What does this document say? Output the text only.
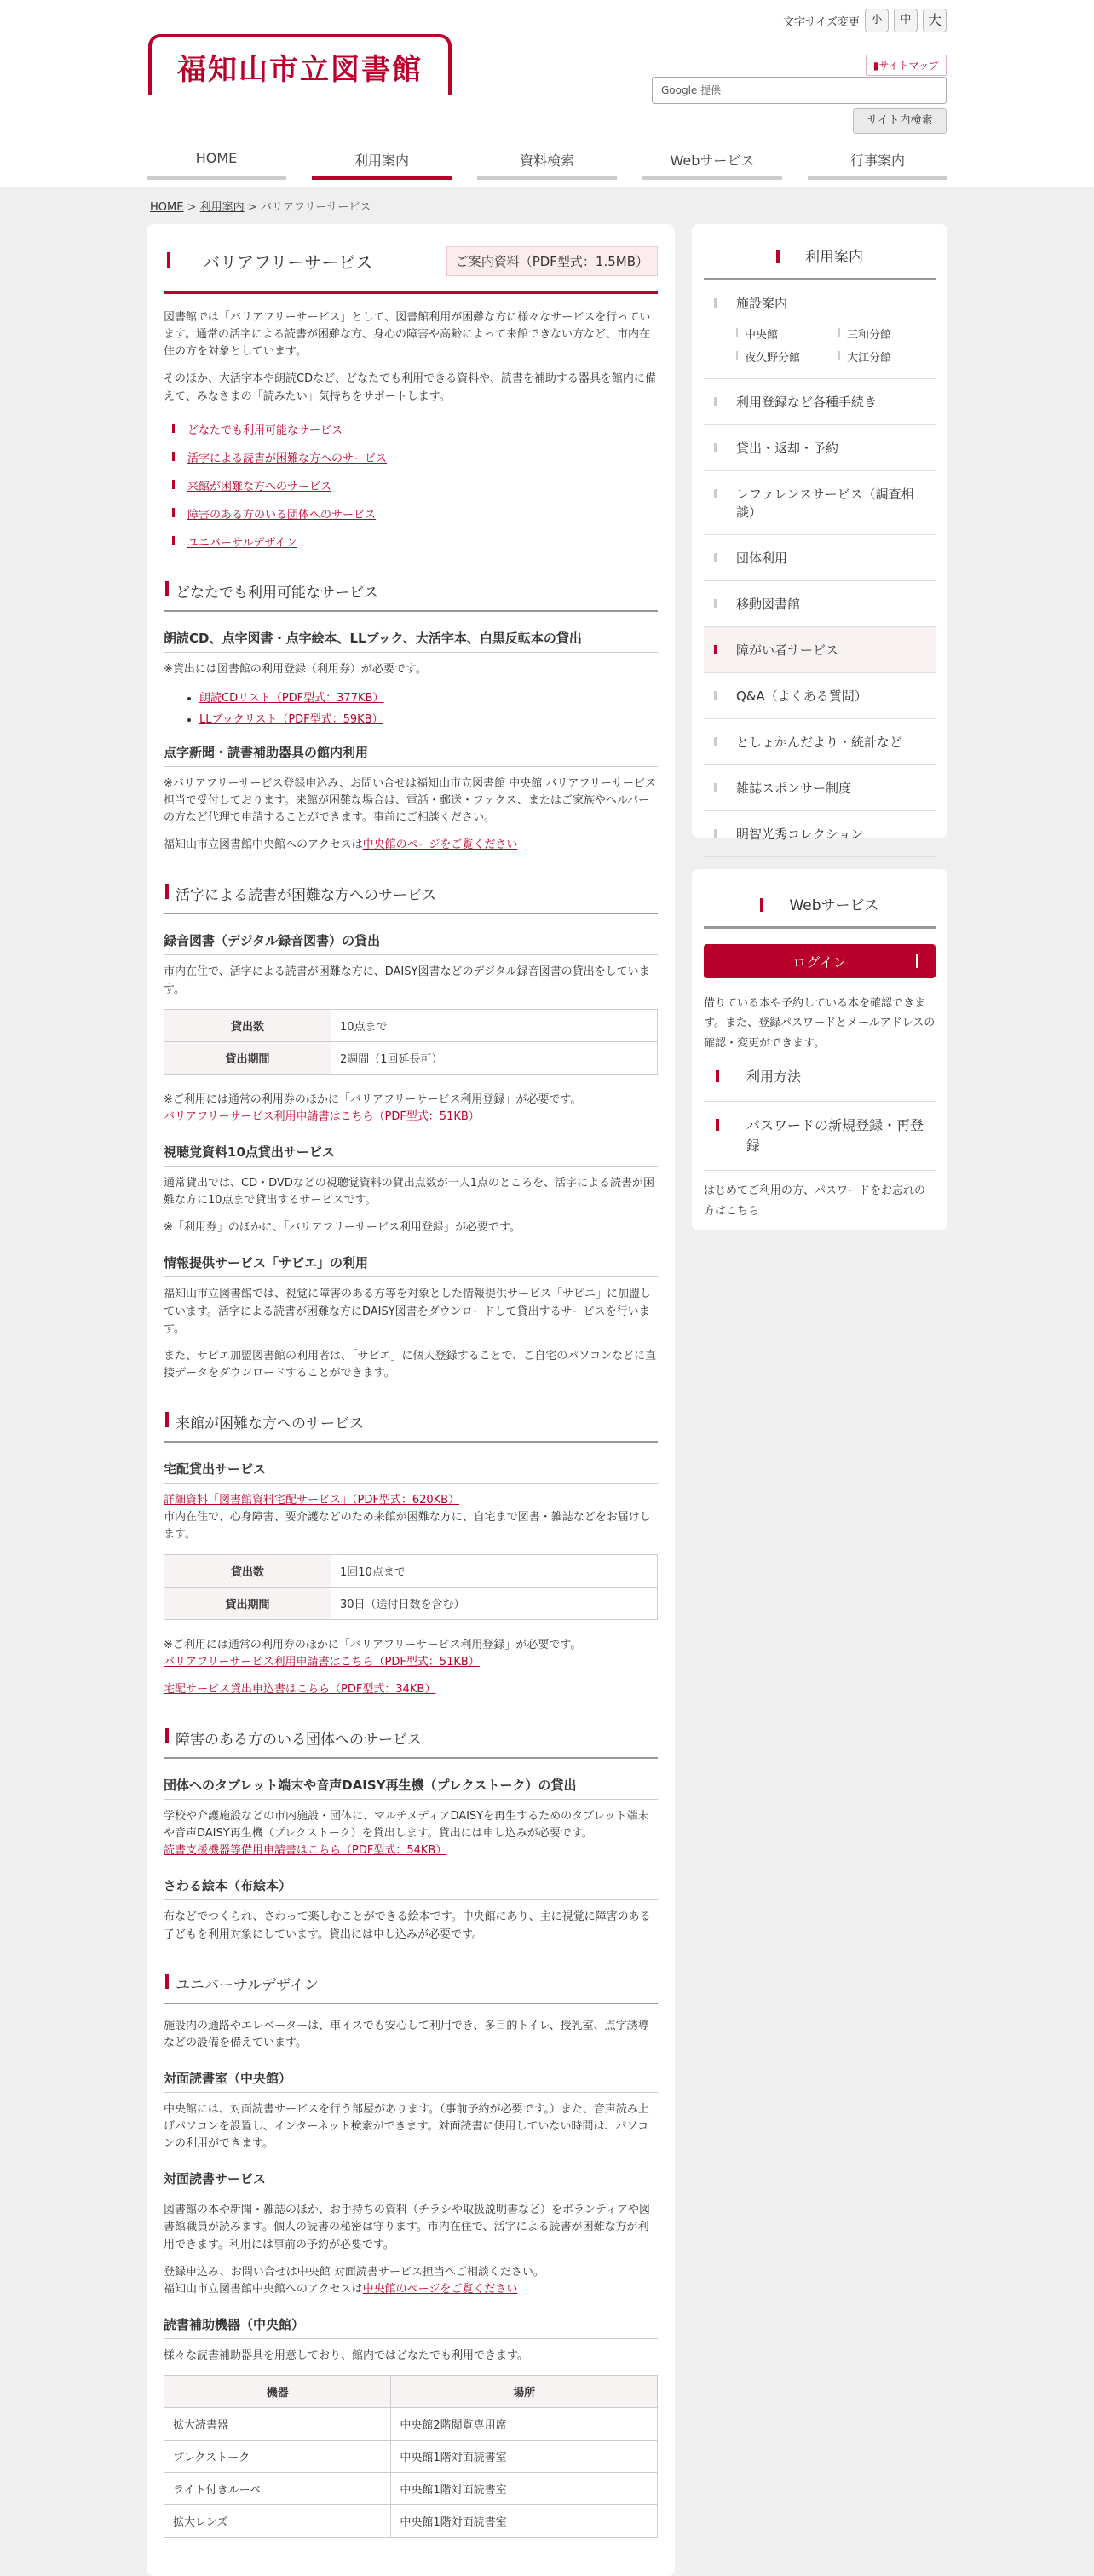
福知山市立図書館
文字サイズ変更	小	中	大
▮サイトマップ
Google 提供
サイト内検索
HOME	利用案内	資料検索	Webサービス	行事案内
HOME > 利用案内 > バリアフリーサービス
バリアフリーサービス	ご案内資料（PDF型式：1.5MB）

図書館では「バリアフリーサービス」として、図書館利用が困難な方に様々なサービスを行っています。通常の活字による読書が困難な方、身心の障害や高齢によって来館できない方など、市内在住の方を対象としています。

そのほか、大活字本や朗読CDなど、どなたでも利用できる資料や、読書を補助する器具を館内に備えて、みなさまの「読みたい」気持ちをサポートします。

どなたでも利用可能なサービス
活字による読書が困難な方へのサービス
来館が困難な方へのサービス
障害のある方のいる団体へのサービス
ユニバーサルデザイン
どなたでも利用可能なサービス
朗読CD、点字図書・点字絵本、LLブック、大活字本、白黒反転本の貸出

※貸出には図書館の利用登録（利用券）が必要です。

• 朗読CDリスト（PDF型式：377KB）
• LLブックリスト（PDF型式：59KB）
点字新聞・読書補助器具の館内利用

※バリアフリーサービス登録申込み、お問い合せは福知山市立図書館 中央館 バリアフリーサービス担当で受付しております。来館が困難な場合は、電話・郵送・ファクス、またはご家族やヘルパーの方など代理で申請することができます。事前にご相談ください。

福知山市立図書館中央館へのアクセスは中央館のページをご覧ください

活字による読書が困難な方へのサービス
録音図書（デジタル録音図書）の貸出

市内在住で、活字による読書が困難な方に、DAISY図書などのデジタル録音図書の貸出をしています。

貸出数	10点まで
貸出期間	2週間（1回延長可）

※ご利用には通常の利用券のほかに「バリアフリーサービス利用登録」が必要です。
バリアフリーサービス利用申請書はこちら（PDF型式：51KB）

視聴覚資料10点貸出サービス

通常貸出では、CD・DVDなどの視聴覚資料の貸出点数が一人1点のところを、活字による読書が困難な方に10点まで貸出するサービスです。

※「利用券」のほかに、「バリアフリーサービス利用登録」が必要です。

情報提供サービス「サピエ」の利用

福知山市立図書館では、視覚に障害のある方等を対象とした情報提供サービス「サピエ」に加盟しています。活字による読書が困難な方にDAISY図書をダウンロードして貸出するサービスを行います。

また、サピエ加盟図書館の利用者は、「サピエ」に個人登録することで、ご自宅のパソコンなどに直接データをダウンロードすることができます。

来館が困難な方へのサービス
宅配貸出サービス

詳細資料「図書館資料宅配サービス」（PDF型式：620KB）
市内在住で、心身障害、要介護などのため来館が困難な方に、自宅まで図書・雑誌などをお届けします。

貸出数	1回10点まで
貸出期間	30日（送付日数を含む）

※ご利用には通常の利用券のほかに「バリアフリーサービス利用登録」が必要です。
バリアフリーサービス利用申請書はこちら（PDF型式：51KB）

宅配サービス貸出申込書はこちら（PDF型式：34KB）

障害のある方のいる団体へのサービス
団体へのタブレット端末や音声DAISY再生機（プレクストーク）の貸出

学校や介護施設などの市内施設・団体に、マルチメディアDAISYを再生するためのタブレット端末や音声DAISY再生機（プレクストーク）を貸出します。貸出には申し込みが必要です。
読書支援機器等借用申請書はこちら（PDF型式：54KB）

さわる絵本（布絵本）

布などでつくられ、さわって楽しむことができる絵本です。中央館にあり、主に視覚に障害のある子どもを利用対象にしています。貸出には申し込みが必要です。

ユニバーサルデザイン

施設内の通路やエレベーターは、車イスでも安心して利用でき、多目的トイレ、授乳室、点字誘導などの設備を備えています。

対面読書室（中央館）

中央館には、対面読書サービスを行う部屋があります。（事前予約が必要です。）また、音声読み上げパソコンを設置し、インターネット検索ができます。対面読書に使用していない時間は、パソコンの利用ができます。

対面読書サービス

図書館の本や新聞・雑誌のほか、お手持ちの資料（チラシや取扱説明書など）をボランティアや図書館職員が読みます。個人の読書の秘密は守ります。市内在住で、活字による読書が困難な方が利用できます。利用には事前の予約が必要です。

登録申込み、お問い合せは中央館 対面読書サービス担当へご相談ください。
福知山市立図書館中央館へのアクセスは中央館のページをご覧ください

読書補助機器（中央館）

様々な読書補助器具を用意しており、館内ではどなたでも利用できます。

機器	場所
拡大読書器	中央館2階閲覧専用席
プレクストーク	中央館1階対面読書室
ライト付きルーペ	中央館1階対面読書室
拡大レンズ	中央館1階対面読書室
利用案内
施設案内
中央館	三和分館
夜久野分館	大江分館
利用登録など各種手続き
貸出・返却・予約
レファレンスサービス（調査相談）
団体利用
移動図書館
障がい者サービス
Q&A（よくある質問）
としょかんだより・統計など
雑誌スポンサー制度
明智光秀コレクション
Webサービス
ログイン
借りている本や予約している本を確認できます。また、登録パスワードとメールアドレスの確認・変更ができます。
利用方法
パスワードの新規登録・再登録
はじめてご利用の方、パスワードをお忘れの方はこちら
